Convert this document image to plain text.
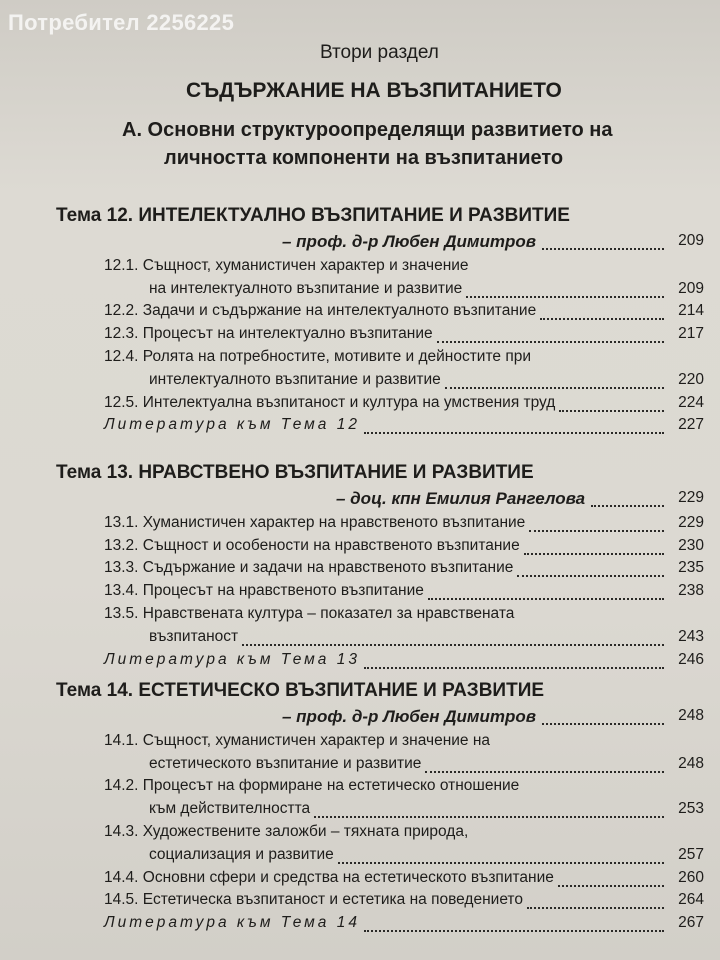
Потребител 2256225
Втори раздел
СЪДЪРЖАНИЕ НА ВЪЗПИТАНИЕТО
А. Основни структуроопределящи развитието на
личността компоненти на възпитанието
Тема 12. ИНТЕЛЕКТУАЛНО ВЪЗПИТАНИЕ И РАЗВИТИЕ
– проф. д-р Любен Димитров	209
12.1. Същност, хуманистичен характер и значение
на интелектуалното възпитание и развитие	209
12.2. Задачи и съдържание на интелектуалното възпитание	214
12.3. Процесът на интелектуално възпитание	217
12.4. Ролята на потребностите, мотивите и дейностите при
интелектуалното възпитание и развитие	220
12.5. Интелектуална възпитаност и култура на умствения труд	224
Литература към Тема 12	227
Тема 13. НРАВСТВЕНО ВЪЗПИТАНИЕ И РАЗВИТИЕ
– доц. кпн Емилия Рангелова	229
13.1. Хуманистичен характер на нравственото възпитание	229
13.2. Същност и особености на нравственото възпитание	230
13.3. Съдържание и задачи на нравственото възпитание	235
13.4. Процесът на нравственото възпитание	238
13.5. Нравствената култура – показател за нравствената
възпитаност	243
Литература към Тема 13	246
Тема 14. ЕСТЕТИЧЕСКО ВЪЗПИТАНИЕ И РАЗВИТИЕ
– проф. д-р Любен Димитров	248
14.1. Същност, хуманистичен характер и значение на
естетическото възпитание и развитие	248
14.2. Процесът на формиране на естетическо отношение
към действителността	253
14.3. Художествените заложби – тяхната природа,
социализация и развитие	257
14.4. Основни сфери и средства на естетическото възпитание	260
14.5. Естетическа възпитаност и естетика на поведението	264
Литература към Тема 14	267
